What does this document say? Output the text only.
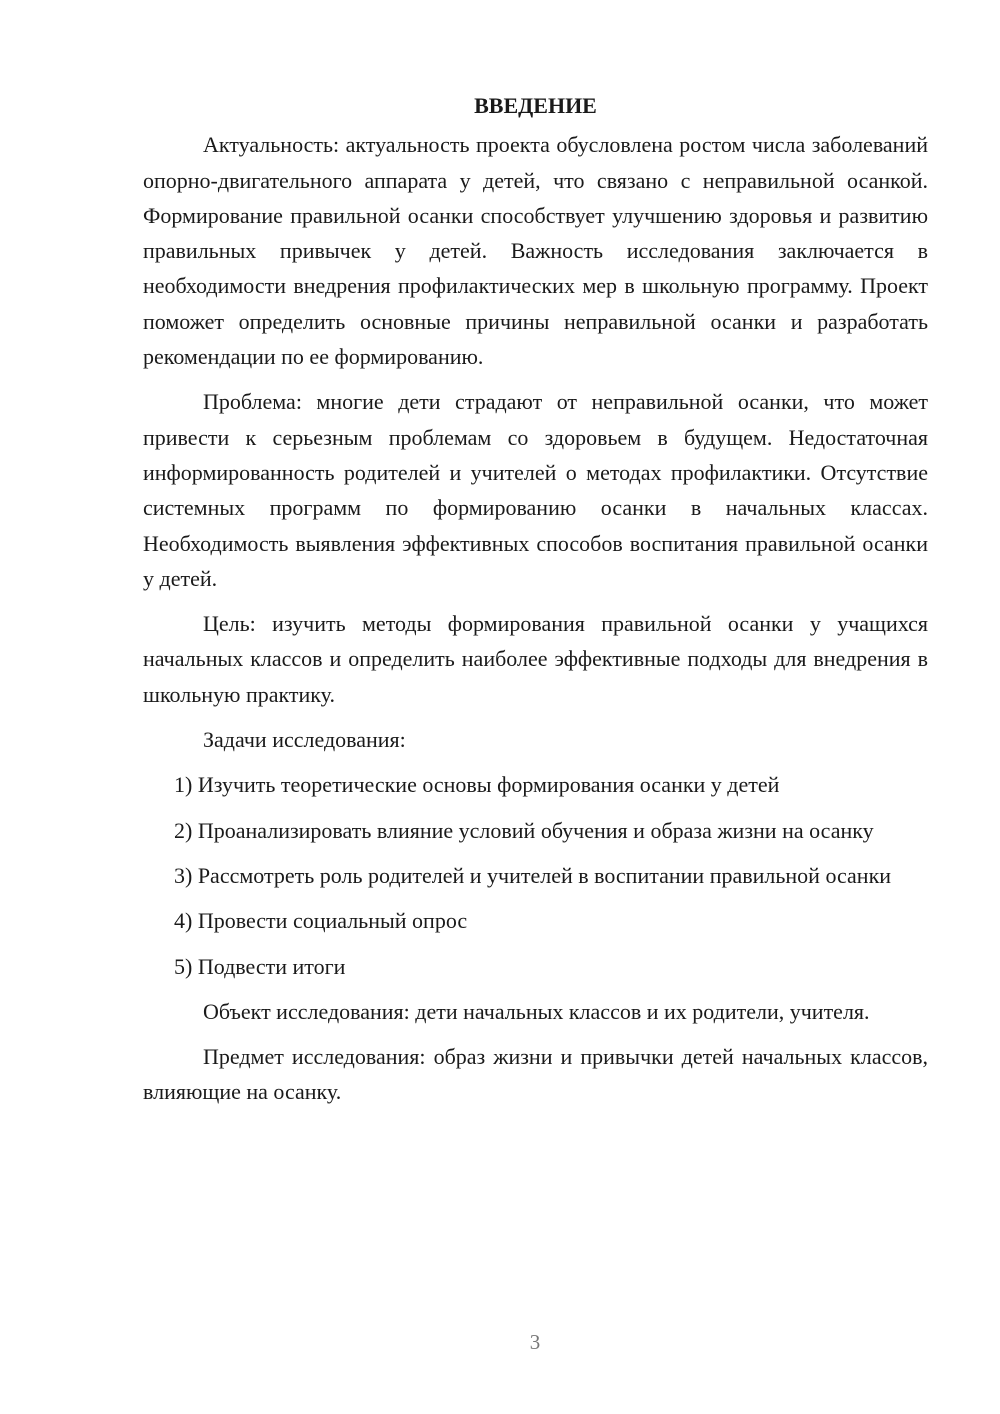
ВВЕДЕНИЕ

Актуальность: актуальность проекта обусловлена ростом числа заболеваний опорно-двигательного аппарата у детей, что связано с неправильной осанкой. Формирование правильной осанки способствует улучшению здоровья и развитию правильных привычек у детей. Важность исследования заключается в необходимости внедрения профилактических мер в школьную программу. Проект поможет определить основные причины неправильной осанки и разработать рекомендации по ее формированию.

Проблема: многие дети страдают от неправильной осанки, что может привести к серьезным проблемам со здоровьем в будущем. Недостаточная информированность родителей и учителей о методах профилактики. Отсутствие системных программ по формированию осанки в начальных классах. Необходимость выявления эффективных способов воспитания правильной осанки у детей.

Цель: изучить методы формирования правильной осанки у учащихся начальных классов и определить наиболее эффективные подходы для внедрения в школьную практику.

Задачи исследования:

1) Изучить теоретические основы формирования осанки у детей

2) Проанализировать влияние условий обучения и образа жизни на осанку

3) Рассмотреть роль родителей и учителей в воспитании правильной осанки

4) Провести социальный опрос

5) Подвести итоги

Объект исследования: дети начальных классов и их родители, учителя.

Предмет исследования: образ жизни и привычки детей начальных классов, влияющие на осанку.

3
